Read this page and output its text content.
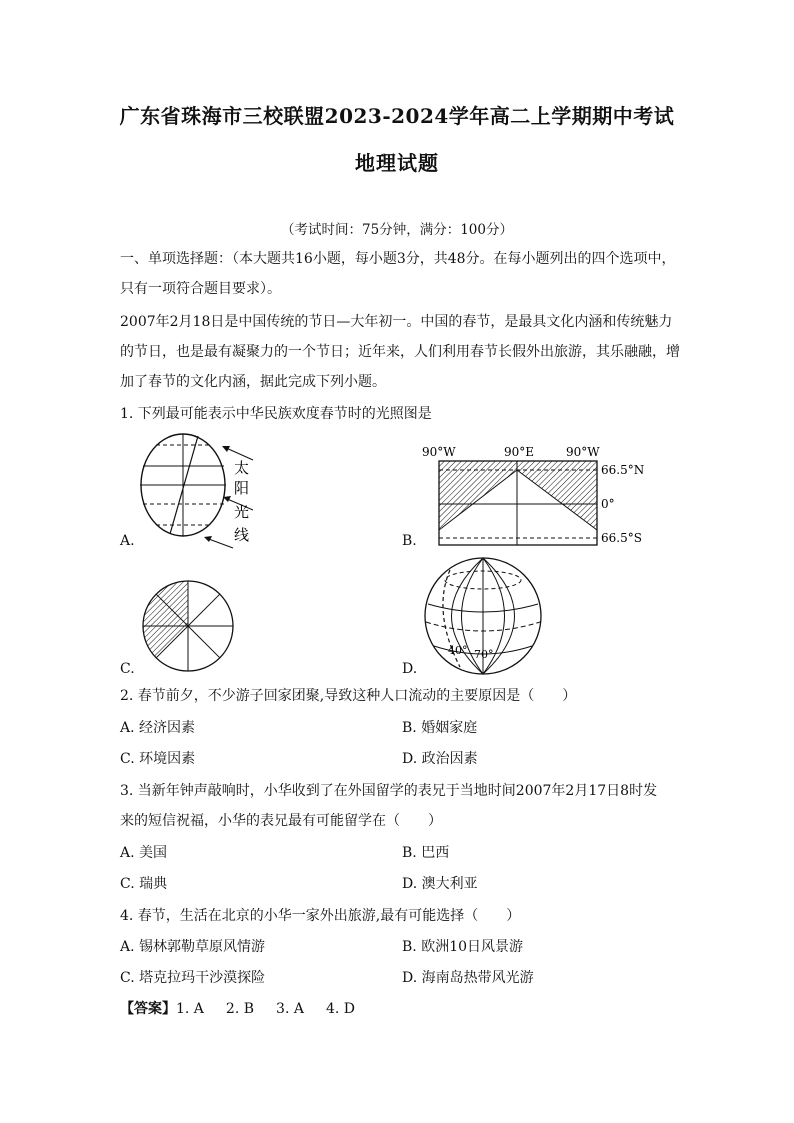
广东省珠海市三校联盟2023-2024学年高二上学期期中考试
地理试题
（考试时间：75分钟，满分：100分）
一、单项选择题：（本大题共16小题，每小题3分，共48分。在每小题列出的四个选项中，
只有一项符合题目要求）。
2007年2月18日是中国传统的节日—大年初一。中国的春节，是最具文化内涵和传统魅力
的节日，也是最有凝聚力的一个节日；近年来，人们利用春节长假外出旅游，其乐融融，增
加了春节的文化内涵，据此完成下列小题。
1. 下列最可能表示中华民族欢度春节时的光照图是
太
阳
光
线
A.
90°W	90°E	90°W
66.5°N
0°
66.5°S
B.
C.
40° 70°
D.
2. 春节前夕，不少游子回家团聚,导致这种人口流动的主要原因是（　　）
A. 经济因素	B. 婚姻家庭
C. 环境因素	D. 政治因素
3. 当新年钟声敲响时，小华收到了在外国留学的表兄于当地时间2007年2月17日8时发
来的短信祝福，小华的表兄最有可能留学在（　　）
A. 美国	B. 巴西
C. 瑞典	D. 澳大利亚
4. 春节，生活在北京的小华一家外出旅游,最有可能选择（　　）
A. 锡林郭勒草原风情游	B. 欧洲10日风景游
C. 塔克拉玛干沙漠探险	D. 海南岛热带风光游
【答案】1. A 2. B 3. A 4. D
